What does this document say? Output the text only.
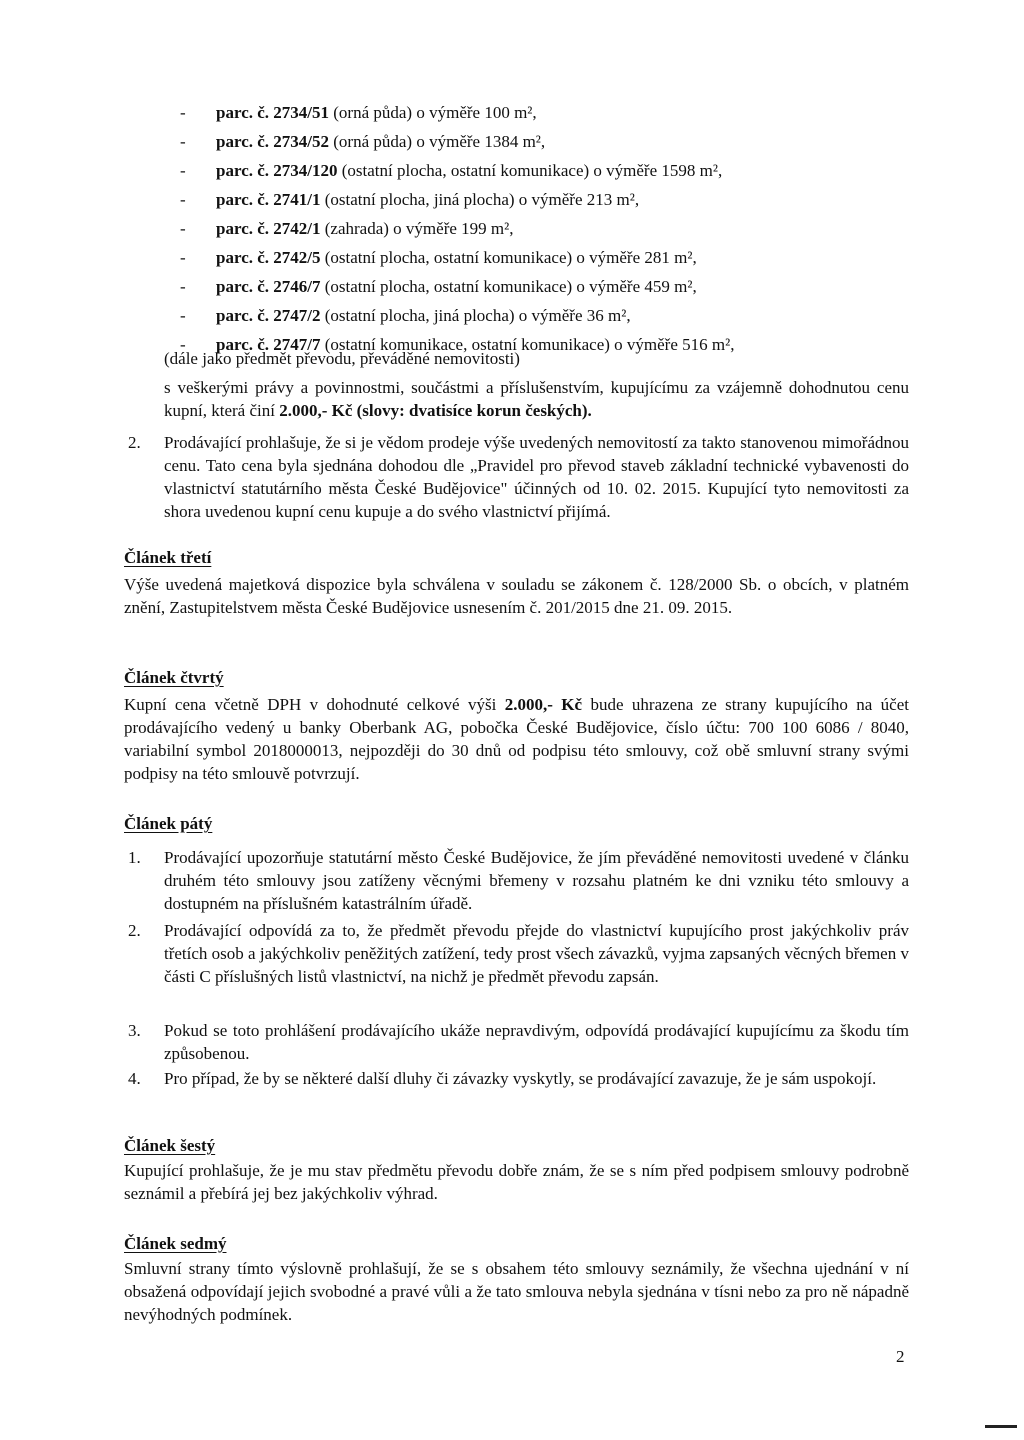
- parc. č. 2734/51 (orná půda) o výměře 100 m²,
- parc. č. 2734/52 (orná půda) o výměře 1384 m²,
- parc. č. 2734/120 (ostatní plocha, ostatní komunikace) o výměře 1598 m²,
- parc. č. 2741/1 (ostatní plocha, jiná plocha) o výměře 213 m²,
- parc. č. 2742/1 (zahrada) o výměře 199 m²,
- parc. č. 2742/5 (ostatní plocha, ostatní komunikace) o výměře 281 m²,
- parc. č. 2746/7 (ostatní plocha, ostatní komunikace) o výměře 459 m²,
- parc. č. 2747/2 (ostatní plocha, jiná plocha) o výměře 36 m²,
- parc. č. 2747/7 (ostatní komunikace, ostatní komunikace) o výměře 516 m²,

(dále jako předmět převodu, převáděné nemovitosti)

s veškerými právy a povinnostmi, součástmi a příslušenstvím, kupujícímu za vzájemně dohodnutou cenu kupní, která činí 2.000,- Kč (slovy: dvatisíce korun českých).

2. Prodávající prohlašuje, že si je vědom prodeje výše uvedených nemovitostí za takto stanovenou mimořádnou cenu. Tato cena byla sjednána dohodou dle „Pravidel pro převod staveb základní technické vybavenosti do vlastnictví statutárního města České Budějovice" účinných od 10. 02. 2015. Kupující tyto nemovitosti za shora uvedenou kupní cenu kupuje a do svého vlastnictví přijímá.

Článek třetí

Výše uvedená majetková dispozice byla schválena v souladu se zákonem č. 128/2000 Sb. o obcích, v platném znění, Zastupitelstvem města České Budějovice usnesením č. 201/2015 dne 21. 09. 2015.

Článek čtvrtý

Kupní cena včetně DPH v dohodnuté celkové výši 2.000,- Kč bude uhrazena ze strany kupujícího na účet prodávajícího vedený u banky Oberbank AG, pobočka České Budějovice, číslo účtu: 700 100 6086 / 8040, variabilní symbol 2018000013, nejpozději do 30 dnů od podpisu této smlouvy, což obě smluvní strany svými podpisy na této smlouvě potvrzují.

Článek pátý
1. Prodávající upozorňuje statutární město České Budějovice, že jím převáděné nemovitosti uvedené v článku druhém této smlouvy jsou zatíženy věcnými břemeny v rozsahu platném ke dni vzniku této smlouvy a dostupném na příslušném katastrálním úřadě.

2. Prodávající odpovídá za to, že předmět převodu přejde do vlastnictví kupujícího prost jakýchkoliv práv třetích osob a jakýchkoliv peněžitých zatížení, tedy prost všech závazků, vyjma zapsaných věcných břemen v části C příslušných listů vlastnictví, na nichž je předmět převodu zapsán.

3. Pokud se toto prohlášení prodávajícího ukáže nepravdivým, odpovídá prodávající kupujícímu za škodu tím způsobenou.

4. Pro případ, že by se některé další dluhy či závazky vyskytly, se prodávající zavazuje, že je sám uspokojí.

Článek šestý

Kupující prohlašuje, že je mu stav předmětu převodu dobře znám, že se s ním před podpisem smlouvy podrobně seznámil a přebírá jej bez jakýchkoliv výhrad.

Článek sedmý

Smluvní strany tímto výslovně prohlašují, že se s obsahem této smlouvy seznámily, že všechna ujednání v ní obsažená odpovídají jejich svobodné a pravé vůli a že tato smlouva nebyla sjednána v tísni nebo za pro ně nápadně nevýhodných podmínek.

2
